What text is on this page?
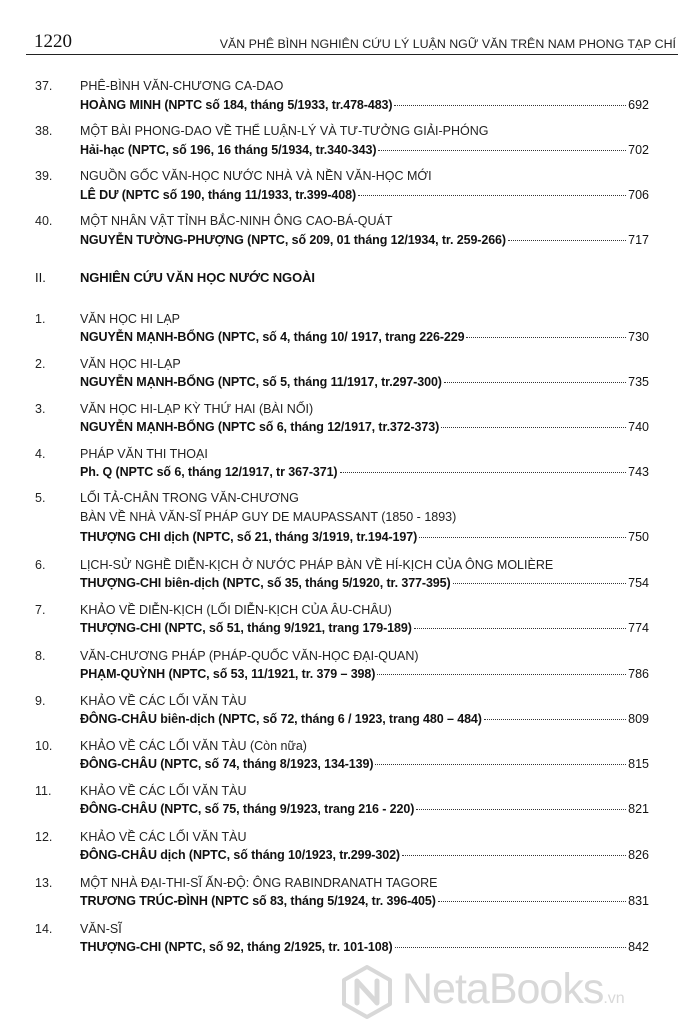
1220	VĂN PHÊ BÌNH NGHIÊN CỨU LÝ LUẬN NGỮ VĂN TRÊN NAM PHONG TẠP CHÍ
37. PHÊ-BÌNH VĂN-CHƯƠNG CA-DAO
HOÀNG MINH (NPTC số 184, tháng 5/1933, tr.478-483)	692
38. MỘT BÀI PHONG-DAO VỀ THỂ LUẬN-LÝ VÀ TƯ-TƯỞNG GIẢI-PHÓNG
Hải-hạc (NPTC, số 196, 16 tháng 5/1934, tr.340-343)	702
39. NGUỒN GỐC VĂN-HỌC NƯỚC NHÀ VÀ NỀN VĂN-HỌC MỚI
LÊ DƯ (NPTC số 190, tháng 11/1933, tr.399-408)	706
40. MỘT NHÂN VẬT TỈNH BẮC-NINH ÔNG CAO-BÁ-QUÁT
NGUYỄN TƯỜNG-PHƯỢNG (NPTC, số 209, 01 tháng 12/1934, tr. 259-266)	717
II.	NGHIÊN CỨU VĂN HỌC NƯỚC NGOÀI
1.	VĂN HỌC HI LẠP
NGUYỄN MẠNH-BỔNG (NPTC, số 4, tháng 10/ 1917, trang 226-229	730
2.	VĂN HỌC HI-LẠP
NGUYỄN MẠNH-BỔNG (NPTC, số 5, tháng 11/1917, tr.297-300)	735
3.	VĂN HỌC HI-LẠP KỲ THỨ HAI (BÀI NỐI)
NGUYỄN MẠNH-BỔNG (NPTC số 6, tháng 12/1917, tr.372-373)	740
4.	PHÁP VĂN THI THOẠI
Ph. Q (NPTC số 6, tháng 12/1917, tr 367-371)	743
5.	LỐI TẢ-CHÂN TRONG VĂN-CHƯƠNG
BÀN VỀ NHÀ VĂN-SĨ PHÁP GUY DE MAUPASSANT (1850 - 1893)
THƯỢNG CHI dịch (NPTC, số 21, tháng 3/1919, tr.194-197)	750
6.	LỊCH-SỬ NGHỀ DIỄN-KỊCH Ở NƯỚC PHÁP BÀN VỀ HÍ-KỊCH CỦA ÔNG MOLIÈRE
THƯỢNG-CHI biên-dịch (NPTC, số 35, tháng 5/1920, tr. 377-395)	754
7.	KHẢO VỀ DIỄN-KỊCH (LỐI DIỄN-KỊCH CỦA ÂU-CHÂU)
THƯỢNG-CHI (NPTC, số 51, tháng 9/1921, trang 179-189)	774
8.	VĂN-CHƯƠNG PHÁP (PHÁP-QUỐC VĂN-HỌC ĐẠI-QUAN)
PHẠM-QUỲNH (NPTC, số 53, 11/1921, tr. 379 – 398)	786
9.	KHẢO VỀ CÁC LỐI VĂN TÀU
ĐÔNG-CHÂU biên-dịch (NPTC, số 72, tháng 6 / 1923, trang 480 – 484)	809
10. KHẢO VỀ CÁC LỐI VĂN TÀU (Còn nữa)
ĐÔNG-CHÂU (NPTC, số 74, tháng 8/1923, 134-139)	815
11. KHẢO VỀ CÁC LỐI VĂN TÀU
ĐÔNG-CHÂU (NPTC, số 75, tháng 9/1923, trang 216 - 220)	821
12. KHẢO VỀ CÁC LỐI VĂN TÀU
ĐÔNG-CHÂU dịch (NPTC, số tháng 10/1923, tr.299-302)	826
13. MỘT NHÀ ĐẠI-THI-SĨ ẤN-ĐỘ: ÔNG RABINDRANATH TAGORE
TRƯƠNG TRÚC-ĐÌNH (NPTC số 83, tháng 5/1924, tr. 396-405)	831
14. VĂN-SĨ
THƯỢNG-CHI (NPTC, số 92, tháng 2/1925, tr. 101-108)	842
NetaBooks.vn
